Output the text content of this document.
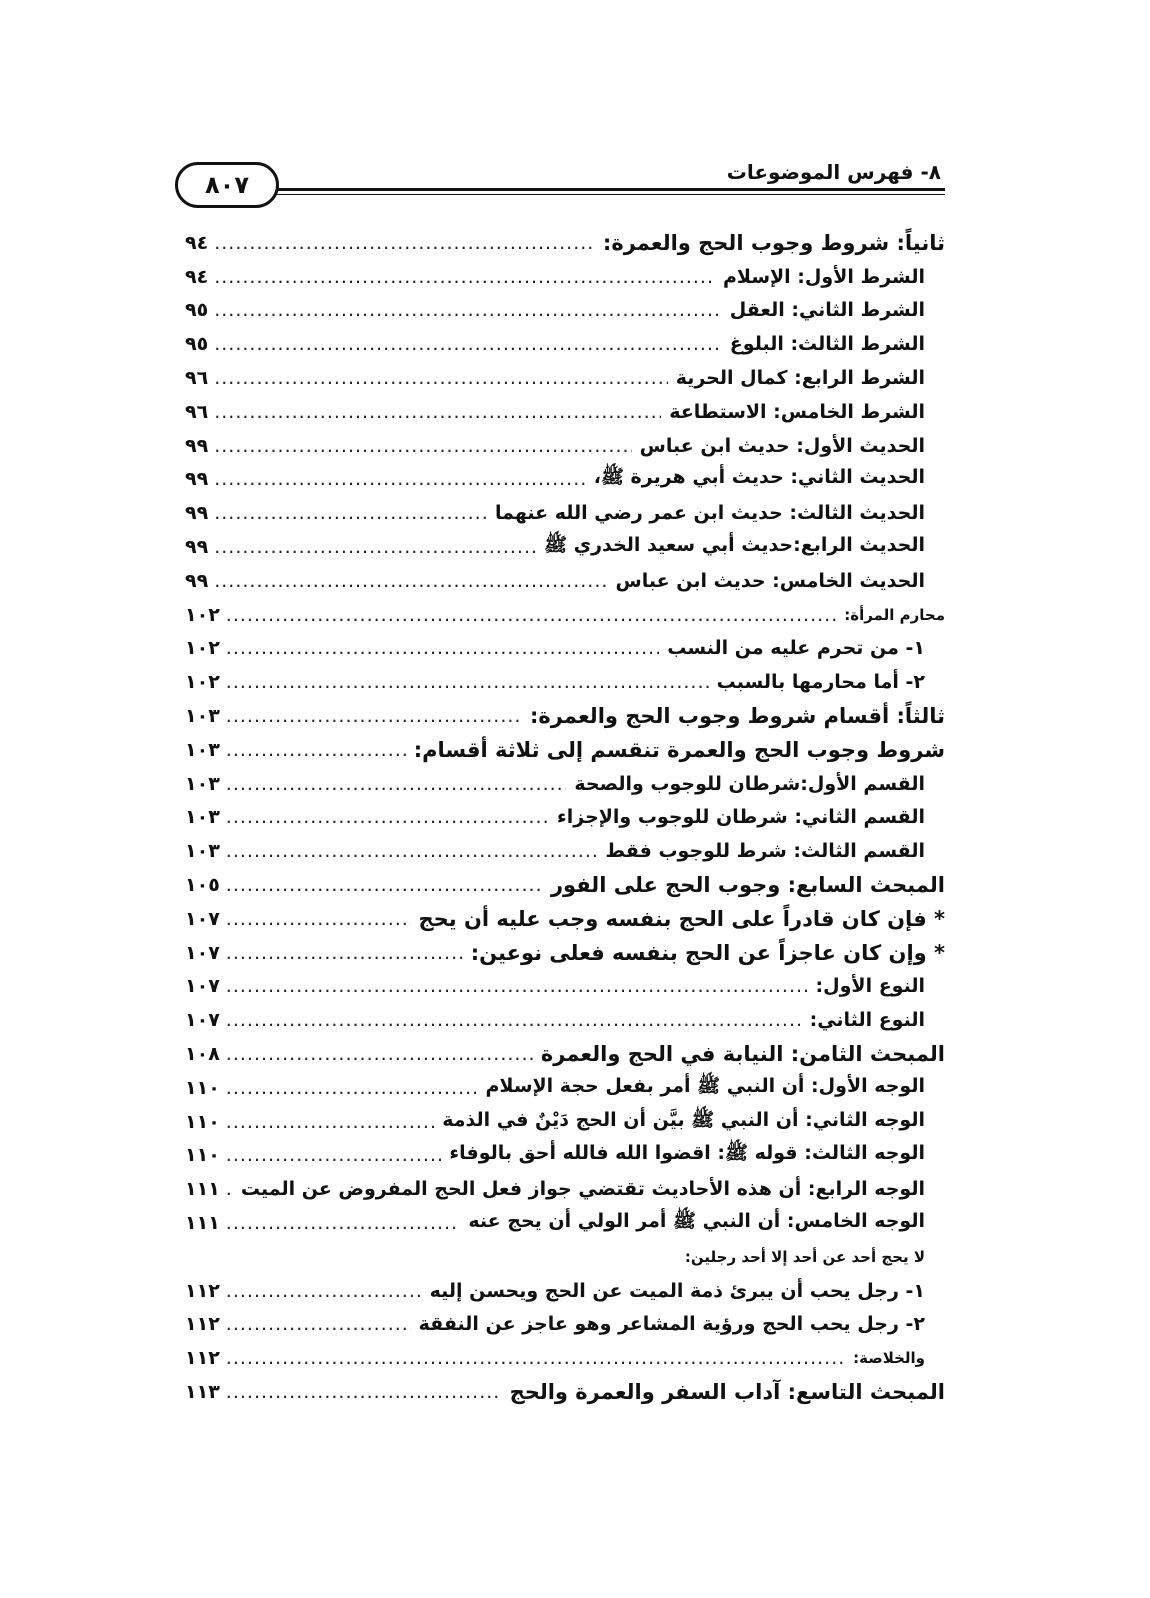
٨٠٧	٨- فهرس الموضوعات
ثانياً: شروط وجوب الحج والعمرة:
.....
٩٤
الشرط الأول: الإسلام
.....
٩٤
الشرط الثاني: العقل
.....
٩٥
الشرط الثالث: البلوغ
.....
٩٥
الشرط الرابع: كمال الحرية
.....
٩٦
الشرط الخامس: الاستطاعة
.....
٩٦
الحديث الأول: حديث ابن عباس
.....
٩٩
الحديث الثاني: حديث أبي هريرة ﷺ،
.....
٩٩
الحديث الثالث: حديث ابن عمر رضي الله عنهما
.....
٩٩
الحديث الرابع:حديث أبي سعيد الخدري ﷺ
.....
٩٩
الحديث الخامس: حديث ابن عباس
.....
٩٩
محارم المرأة:
.....
١٠٢
١- من تحرم عليه من النسب
.....
١٠٢
٢- أما محارمها بالسبب
.....
١٠٢
ثالثاً: أقسام شروط وجوب الحج والعمرة:
.....
١٠٣
شروط وجوب الحج والعمرة تنقسم إلى ثلاثة أقسام:
.....
١٠٣
القسم الأول:شرطان للوجوب والصحة
.....
١٠٣
القسم الثاني: شرطان للوجوب والإجزاء
.....
١٠٣
القسم الثالث: شرط للوجوب فقط
.....
١٠٣
المبحث السابع: وجوب الحج على الفور
.....
١٠٥
* فإن كان قادراً على الحج بنفسه وجب عليه أن يحج
.....
١٠٧
* وإن كان عاجزاً عن الحج بنفسه فعلى نوعين:
.....
١٠٧
النوع الأول:
.....
١٠٧
النوع الثاني:
.....
١٠٧
المبحث الثامن: النيابة في الحج والعمرة
.....
١٠٨
الوجه الأول: أن النبي ﷺ أمر بفعل حجة الإسلام
.....
١١٠
الوجه الثاني: أن النبي ﷺ بيَّن أن الحج دَيْنٌ في الذمة
.....
١١٠
الوجه الثالث: قوله ﷺ: اقضوا الله فالله أحق بالوفاء
.....
١١٠
الوجه الرابع: أن هذه الأحاديث تقتضي جواز فعل الحج المفروض عن الميت
.....
١١١
الوجه الخامس: أن النبي ﷺ أمر الولي أن يحج عنه
.....
١١١
لا يحج أحد عن أحد إلا أحد رجلين:
١- رجل يحب أن يبرئ ذمة الميت عن الحج ويحسن إليه
.....
١١٢
٢- رجل يحب الحج ورؤية المشاعر وهو عاجز عن النفقة
.....
١١٢
والخلاصة:
.....
١١٢
المبحث التاسع: آداب السفر والعمرة والحج
.....
١١٣
